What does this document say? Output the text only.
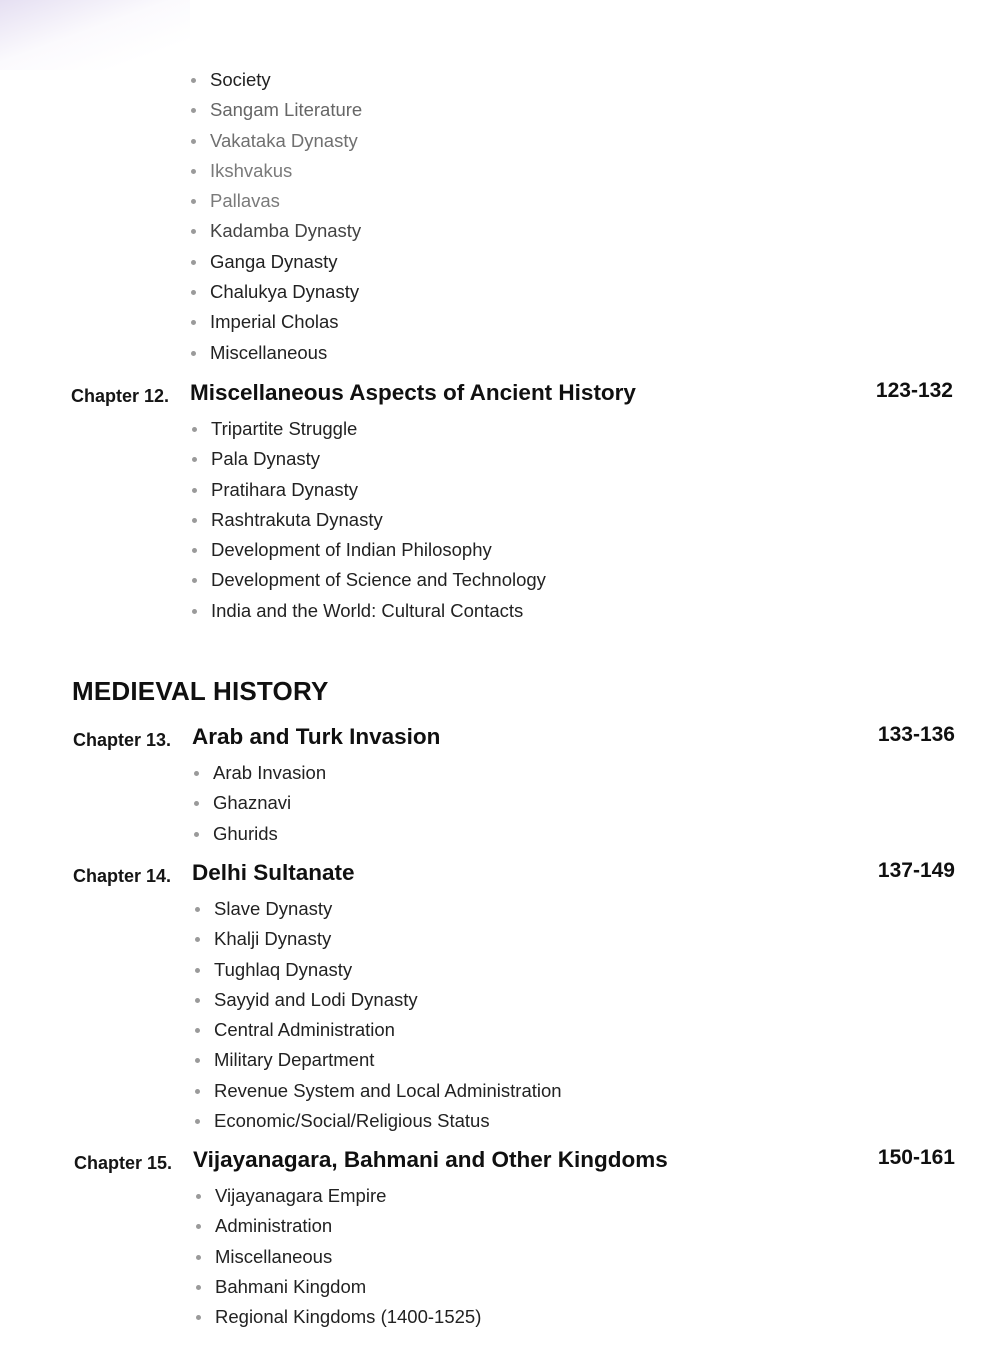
Society
Sangam Literature
Vakataka Dynasty
Ikshvakus
Pallavas
Kadamba Dynasty
Ganga Dynasty
Chalukya Dynasty
Imperial Cholas
Miscellaneous
Chapter 12. Miscellaneous Aspects of Ancient History	123-132
Tripartite Struggle
Pala Dynasty
Pratihara Dynasty
Rashtrakuta Dynasty
Development of Indian Philosophy
Development of Science and Technology
India and the World: Cultural Contacts
MEDIEVAL HISTORY
Chapter 13. Arab and Turk Invasion	133-136
Arab Invasion
Ghaznavi
Ghurids
Chapter 14. Delhi Sultanate	137-149
Slave Dynasty
Khalji Dynasty
Tughlaq Dynasty
Sayyid and Lodi Dynasty
Central Administration
Military Department
Revenue System and Local Administration
Economic/Social/Religious Status
Chapter 15. Vijayanagara, Bahmani and Other Kingdoms	150-161
Vijayanagara Empire
Administration
Miscellaneous
Bahmani Kingdom
Regional Kingdoms (1400-1525)
